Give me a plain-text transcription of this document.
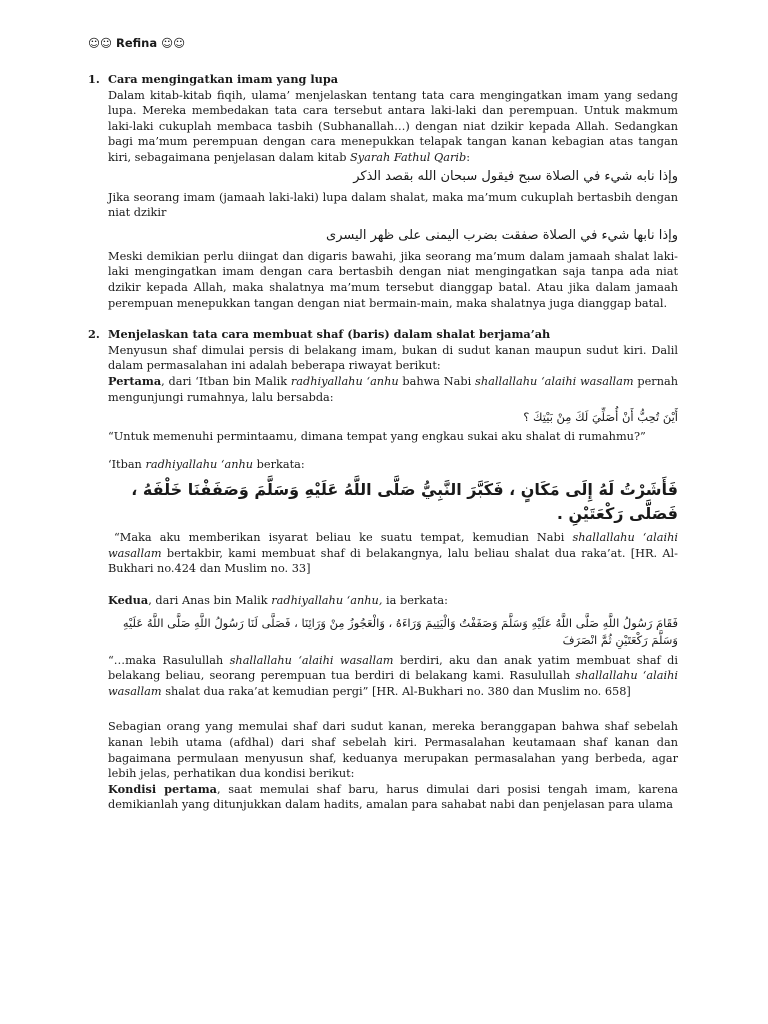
☺☺ Refina ☺☺
1. Cara mengingatkan imam yang lupa

Dalam kitab-kitab fiqih, ulama’ menjelaskan tentang tata cara mengingatkan imam yang sedang lupa. Mereka membedakan tata cara tersebut antara laki-laki dan perempuan. Untuk makmum laki-laki cukuplah membaca tasbih (Subhanallah…) dengan niat dzikir kepada Allah. Sedangkan bagi ma’mum perempuan dengan cara menepukkan telapak tangan kanan kebagian atas tangan kiri, sebagaimana penjelasan dalam kitab Syarah Fathul Qarib:

وإذا نابه شيء في الصلاة سبح فيقول سبحان الله بقصد الذكر

Jika seorang imam (jamaah laki-laki) lupa dalam shalat, maka ma’mum cukuplah bertasbih dengan niat dzikir

وإذا نابها شيء في الصلاة صفقت بضرب اليمنى على ظهر اليسرى

Meski demikian perlu diingat dan digaris bawahi, jika seorang ma’mum dalam jamaah shalat laki-laki mengingatkan imam dengan cara bertasbih dengan niat mengingatkan saja tanpa ada niat dzikir kepada Allah, maka shalatnya ma’mum tersebut dianggap batal. Atau jika dalam jamaah perempuan menepukkan tangan dengan niat bermain-main, maka shalatnya juga dianggap batal.

2. Menjelaskan tata cara membuat shaf (baris) dalam shalat berjama’ah

Menyusun shaf dimulai persis di belakang imam, bukan di sudut kanan maupun sudut kiri. Dalil dalam permasalahan ini adalah beberapa riwayat berikut:

Pertama, dari ‘Itban bin Malik radhiyallahu ‘anhu bahwa Nabi shallallahu ‘alaihi wasallam pernah mengunjungi rumahnya, lalu bersabda:

أَيْنَ تُحِبُّ أَنْ أُصَلِّيَ لَكَ مِنْ بَيْتِكَ ؟

“Untuk memenuhi permintaamu, dimana tempat yang engkau sukai aku shalat di rumahmu?”

‘Itban radhiyallahu ‘anhu berkata:

فَأَشَرْتُ لَهُ إِلَى مَكَانٍ ، فَكَبَّرَ النَّبِيُّ صَلَّى اللَّهُ عَلَيْهِ وَسَلَّمَ وَصَفَفْنَا خَلْفَهُ ، فَصَلَّى رَكْعَتَيْنِ .

“Maka aku memberikan isyarat beliau ke suatu tempat, kemudian Nabi shallallahu ‘alaihi wasallam bertakbir, kami membuat shaf di belakangnya, lalu beliau shalat dua raka’at. [HR. Al-Bukhari no.424 dan Muslim no. 33]

Kedua, dari Anas bin Malik radhiyallahu ‘anhu, ia berkata:

فَقَامَ رَسُولُ اللَّهِ صَلَّى اللَّهُ عَلَيْهِ وَسَلَّمَ وَصَفَفْتُ وَالْيَتِيمَ وَرَاءَهُ ، وَالْعَجُوزُ مِنْ وَرَائِنَا ، فَصَلَّى لَنَا رَسُولُ اللَّهِ صَلَّى اللَّهُ عَلَيْهِ وَسَلَّمَ رَكْعَتَيْنِ ثُمَّ انْصَرَفَ

“…maka Rasulullah shallallahu ‘alaihi wasallam berdiri, aku dan anak yatim membuat shaf di belakang beliau, seorang perempuan tua berdiri di belakang kami. Rasulullah shallallahu ‘alaihi wasallam shalat dua raka’at kemudian pergi” [HR. Al-Bukhari no. 380 dan Muslim no. 658]

Sebagian orang yang memulai shaf dari sudut kanan, mereka beranggapan bahwa shaf sebelah kanan lebih utama (afdhal) dari shaf sebelah kiri. Permasalahan keutamaan shaf kanan dan bagaimana permulaan menyusun shaf, keduanya merupakan permasalahan yang berbeda, agar lebih jelas, perhatikan dua kondisi berikut:

Kondisi pertama, saat memulai shaf baru, harus dimulai dari posisi tengah imam, karena demikianlah yang ditunjukkan dalam hadits, amalan para sahabat nabi dan penjelasan para ulama
